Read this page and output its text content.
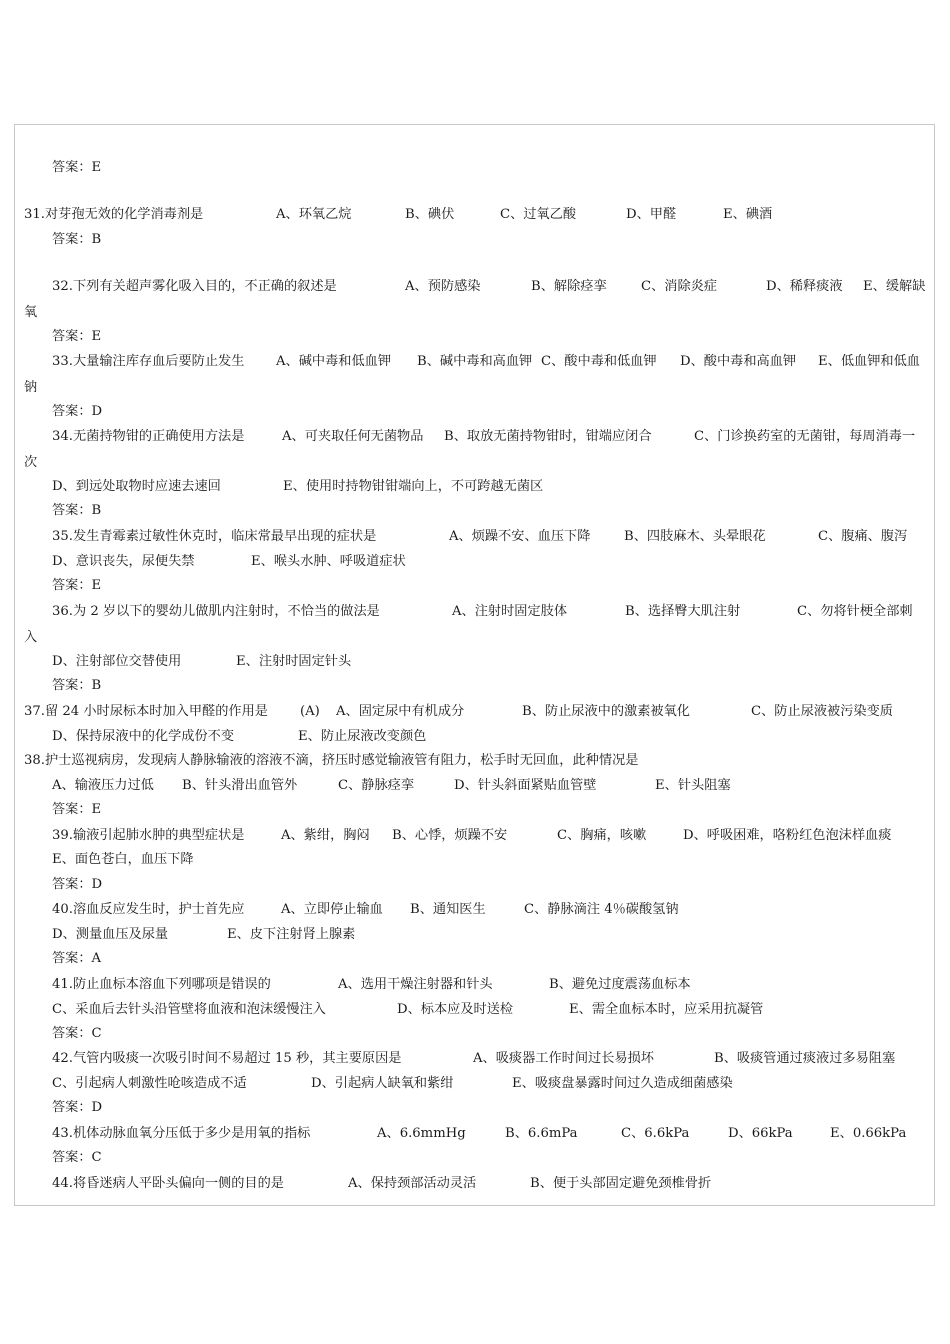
答案：E
31.对芽孢无效的化学消毒剂是	A、环氧乙烷	B、碘伏	C、过氧乙酸	D、甲醛	E、碘酒
答案：B
32.下列有关超声雾化吸入目的，不正确的叙述是	A、预防感染	B、解除痉挛	C、消除炎症	D、稀释痰液 E、缓解缺
氧
答案：E
33.大量输注库存血后要防止发生 A、碱中毒和低血钾 B、碱中毒和高血钾 C、酸中毒和低血钾 D、酸中毒和高血钾 E、低血钾和低血
钠
答案：D
34.无菌持物钳的正确使用方法是	A、可夹取任何无菌物品 B、取放无菌持物钳时，钳端应闭合	C、门诊换药室的无菌钳，每周消毒一
次
D、到远处取物时应速去速回	E、使用时持物钳钳端向上，不可跨越无菌区
答案：B
35.发生青霉素过敏性休克时，临床常最早出现的症状是	A、烦躁不安、血压下降	B、四肢麻木、头晕眼花	C、腹痛、腹泻
D、意识丧失，尿便失禁	E、喉头水肿、呼吸道症状
答案：E
36.为 2 岁以下的婴幼儿做肌内注射时，不恰当的做法是	A、注射时固定肢体	B、选择臀大肌注射	C、勿将针梗全部刺
入
D、注射部位交替使用	E、注射时固定针头
答案：B
37.留 24 小时尿标本时加入甲醛的作用是 (A) A、固定尿中有机成分	B、防止尿液中的激素被氧化	C、防止尿液被污染变质
D、保持尿液中的化学成份不变	E、防止尿液改变颜色
38.护士巡视病房，发现病人静脉输液的溶液不滴，挤压时感觉输液管有阻力，松手时无回血，此种情况是
A、输液压力过低 B、针头滑出血管外	C、静脉痉挛	D、针头斜面紧贴血管壁	E、针头阻塞
答案：E
39.输液引起肺水肿的典型症状是	A、紫绀，胸闷 B、心悸，烦躁不安	C、胸痛，咳嗽	D、呼吸困难，咯粉红色泡沫样血痰
E、面色苍白，血压下降
答案：D
40.溶血反应发生时，护士首先应	A、立即停止输血 B、通知医生	C、静脉滴注 4％碳酸氢钠
D、测量血压及尿量	E、皮下注射肾上腺素
答案：A
41.防止血标本溶血下列哪项是错误的	A、选用干燥注射器和针头	B、避免过度震荡血标本
C、采血后去针头沿管壁将血液和泡沫缓慢注入	D、标本应及时送检	E、需全血标本时，应采用抗凝管
答案：C
42.气管内吸痰一次吸引时间不易超过 15 秒，其主要原因是	A、吸痰器工作时间过长易损坏	B、吸痰管通过痰液过多易阻塞
C、引起病人刺激性呛咳造成不适	D、引起病人缺氧和紫绀	E、吸痰盘暴露时间过久造成细菌感染
答案：D
43.机体动脉血氧分压低于多少是用氧的指标	A、6.6mmHg	B、6.6mPa	C、6.6kPa	D、66kPa	E、0.66kPa
答案：C
44.将昏迷病人平卧头偏向一侧的目的是	A、保持颈部活动灵活	B、便于头部固定避免颈椎骨折
